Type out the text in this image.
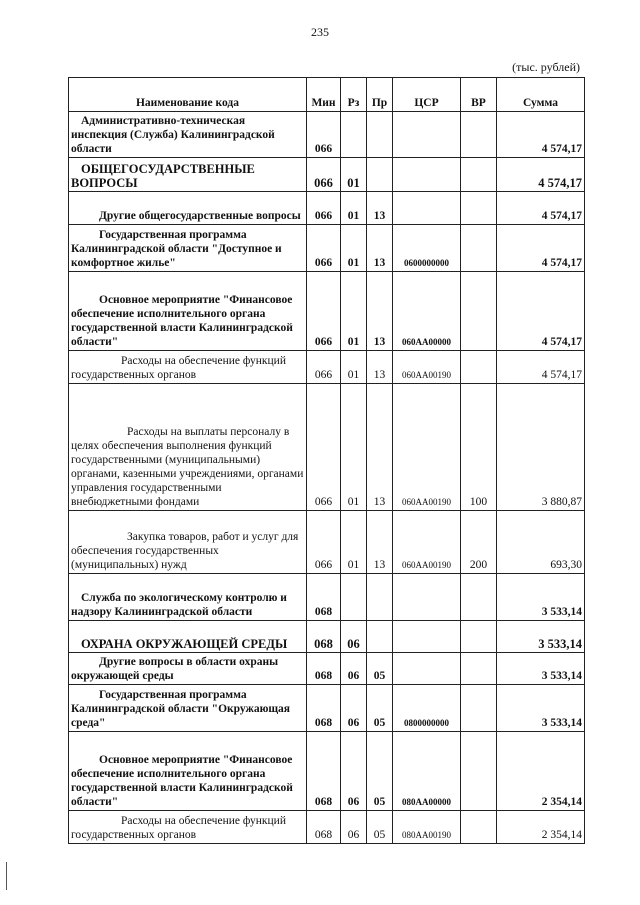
235
(тыс. рублей)
Наименование кода	Мин	Рз	Пр	ЦСР	ВР	Сумма
Административно-техническая инспекция (Служба) Калининградской области	066					4 574,17
ОБЩЕГОСУДАРСТВЕННЫЕ ВОПРОСЫ	066	01				4 574,17
Другие общегосударственные вопросы	066	01	13			4 574,17
Государственная программа Калининградской области "Доступное и комфортное жилье"	066	01	13	0600000000		4 574,17
Основное мероприятие "Финансовое обеспечение исполнительного органа государственной власти Калининградской области"	066	01	13	060АА00000		4 574,17
Расходы на обеспечение функций государственных органов	066	01	13	060АА00190		4 574,17
Расходы на выплаты персоналу в целях обеспечения выполнения функций государственными (муниципальными) органами, казенными учреждениями, органами управления государственными внебюджетными фондами	066	01	13	060АА00190	100	3 880,87
Закупка товаров, работ и услуг для обеспечения государственных (муниципальных) нужд	066	01	13	060АА00190	200	693,30
Служба по экологическому контролю и надзору Калининградской области	068					3 533,14
ОХРАНА ОКРУЖАЮЩЕЙ СРЕДЫ	068	06				3 533,14
Другие вопросы в области охраны окружающей среды	068	06	05			3 533,14
Государственная программа Калининградской области "Окружающая среда"	068	06	05	0800000000		3 533,14
Основное мероприятие "Финансовое обеспечение исполнительного органа государственной власти Калининградской области"	068	06	05	080АА00000		2 354,14
Расходы на обеспечение функций государственных органов	068	06	05	080АА00190		2 354,14
